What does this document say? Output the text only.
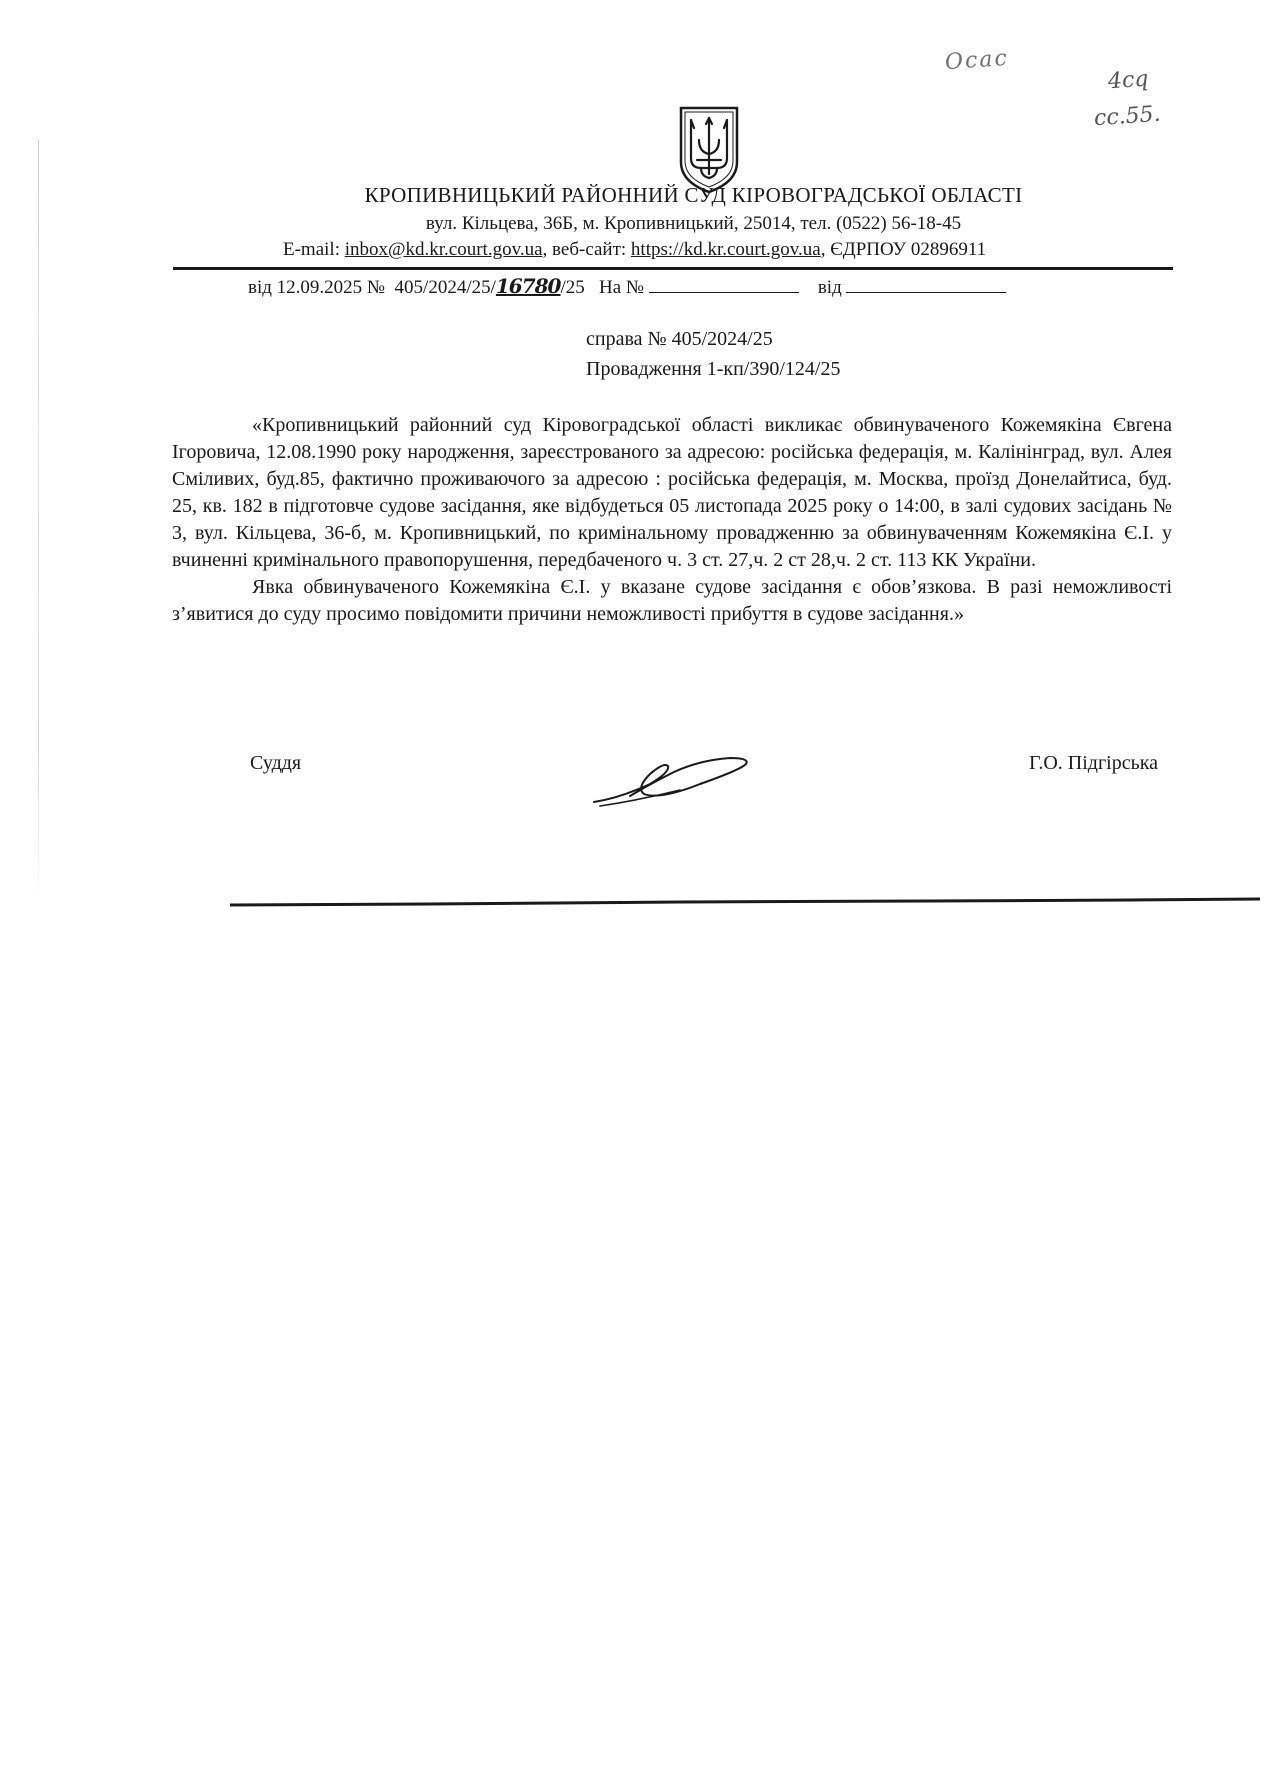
Ocac
4cq
cc.55.
КРОПИВНИЦЬКИЙ РАЙОННИЙ СУД КІРОВОГРАДСЬКОЇ ОБЛАСТІ
вул. Кільцева, 36Б, м. Кропивницький, 25014, тел. (0522) 56-18-45
E-mail: inbox@kd.kr.court.gov.ua, веб-сайт: https://kd.kr.court.gov.ua, ЄДРПОУ 02896911
від 12.09.2025 № 405/2024/25/16780/25 На №	від
справа № 405/2024/25
Провадження 1-кп/390/124/25

«Кропивницький районний суд Кіровоградської області викликає обвинуваченого Кожемякіна Євгена Ігоровича, 12.08.1990 року народження, зареєстрованого за адресою: російська федерація, м. Калінінград, вул. Алея Сміливих, буд.85, фактично проживаючого за адресою : російська федерація, м. Москва, проїзд Донелайтиса, буд. 25, кв. 182 в підготовче судове засідання, яке відбудеться 05 листопада 2025 року о 14:00, в залі судових засідань № 3, вул. Кільцева, 36-б, м. Кропивницький, по кримінальному провадженню за обвинуваченням Кожемякіна Є.І. у вчиненні кримінального правопорушення, передбаченого ч. 3 ст. 27,ч. 2 ст 28,ч. 2 ст. 113 КК України.

Явка обвинуваченого Кожемякіна Є.І. у вказане судове засідання є обов’язкова. В разі неможливості з’явитися до суду просимо повідомити причини неможливості прибуття в судове засідання.»

Суддя	Г.О. Підгірська
